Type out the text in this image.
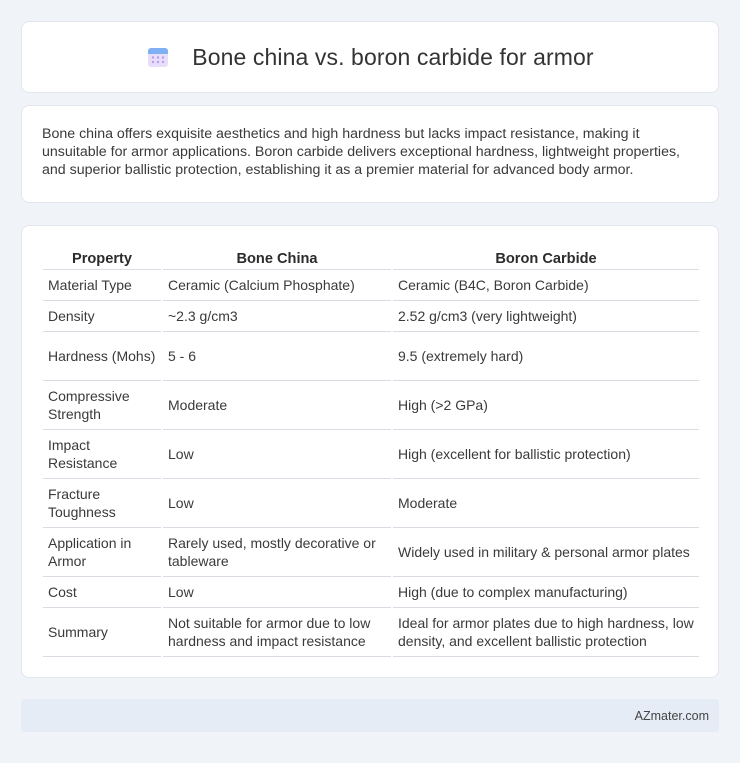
Bone china vs. boron carbide for armor

Bone china offers exquisite aesthetics and high hardness but lacks impact resistance, making it unsuitable for armor applications. Boron carbide delivers exceptional hardness, lightweight properties, and superior ballistic protection, establishing it as a premier material for advanced body armor.

Property	Bone China	Boron Carbide
Material Type	Ceramic (Calcium Phosphate)	Ceramic (B4C, Boron Carbide)
Density	~2.3 g/cm3	2.52 g/cm3 (very lightweight)
Hardness (Mohs)	5 - 6	9.5 (extremely hard)
Compressive Strength	Moderate	High (>2 GPa)
Impact Resistance	Low	High (excellent for ballistic protection)
Fracture Toughness	Low	Moderate
Application in Armor	Rarely used, mostly decorative or tableware	Widely used in military & personal armor plates
Cost	Low	High (due to complex manufacturing)
Summary	Not suitable for armor due to low hardness and impact resistance	Ideal for armor plates due to high hardness, low density, and excellent ballistic protection
AZmater.com
